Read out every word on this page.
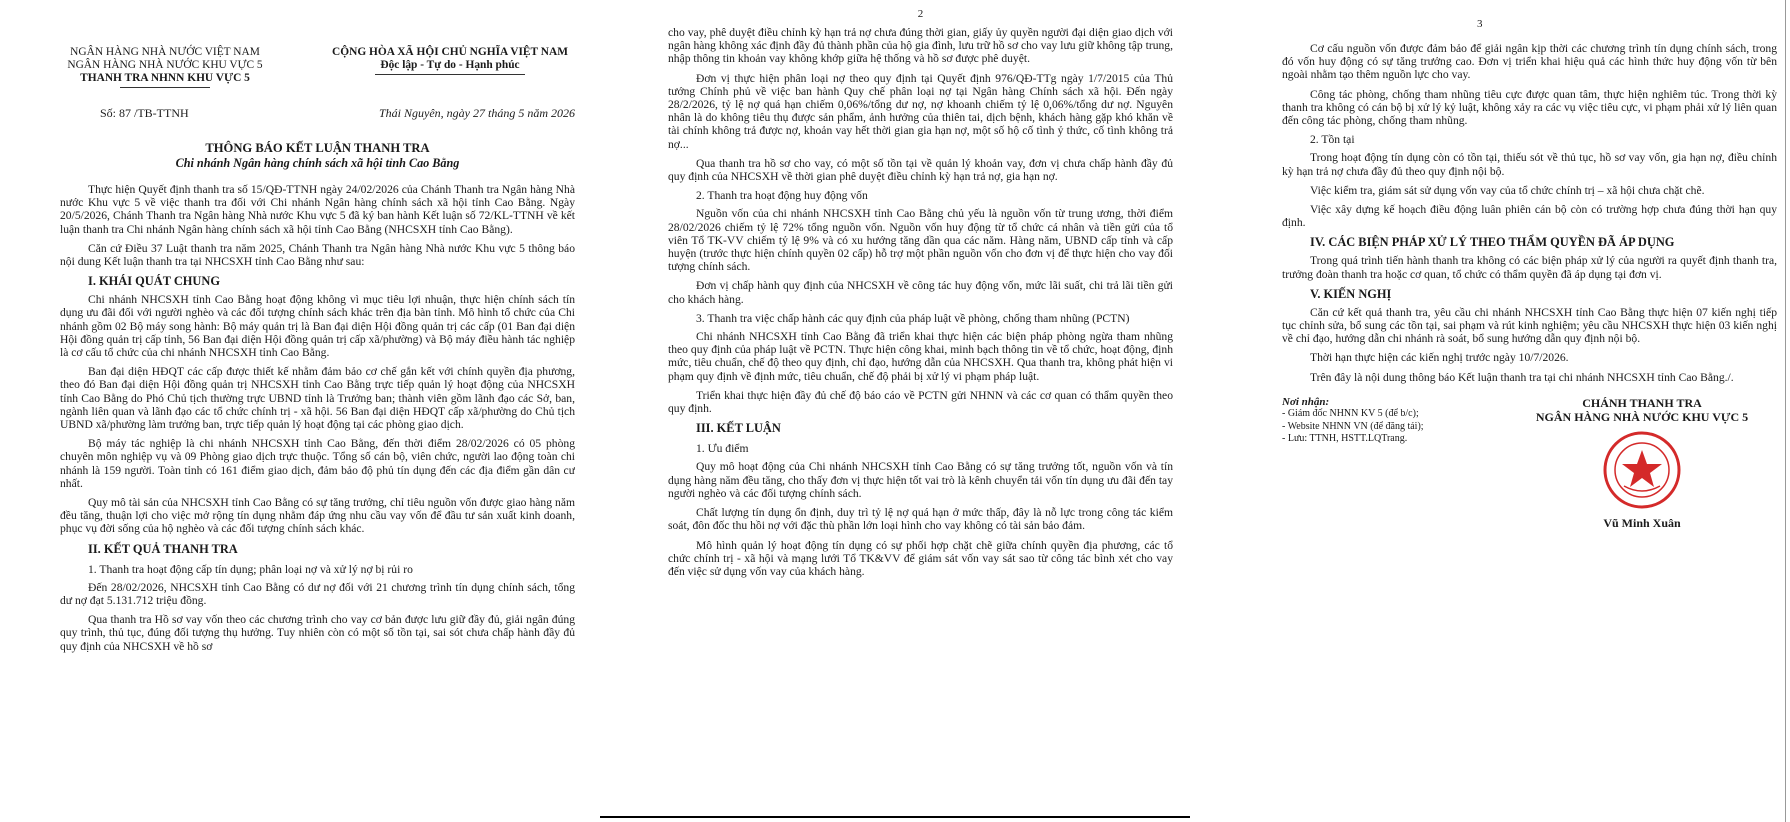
NGÂN HÀNG NHÀ NƯỚC VIỆT NAM
NGÂN HÀNG NHÀ NƯỚC KHU VỰC 5
THANH TRA NHNN KHU VỰC 5
CỘNG HÒA XÃ HỘI CHỦ NGHĨA VIỆT NAM
Độc lập - Tự do - Hạnh phúc
Số: 87 /TB-TTNH	Thái Nguyên, ngày 27 tháng 5 năm 2026
THÔNG BÁO KẾT LUẬN THANH TRA
Chi nhánh Ngân hàng chính sách xã hội tỉnh Cao Bằng

Thực hiện Quyết định thanh tra số 15/QĐ-TTNH ngày 24/02/2026 của Chánh Thanh tra Ngân hàng Nhà nước Khu vực 5 về việc thanh tra đối với Chi nhánh Ngân hàng chính sách xã hội tỉnh Cao Bằng. Ngày 20/5/2026, Chánh Thanh tra Ngân hàng Nhà nước Khu vực 5 đã ký ban hành Kết luận số 72/KL-TTNH về kết luận thanh tra Chi nhánh Ngân hàng chính sách xã hội tỉnh Cao Bằng (NHCSXH tỉnh Cao Bằng).

Căn cứ Điều 37 Luật thanh tra năm 2025, Chánh Thanh tra Ngân hàng Nhà nước Khu vực 5 thông báo nội dung Kết luận thanh tra tại NHCSXH tỉnh Cao Bằng như sau:

I. KHÁI QUÁT CHUNG

Chi nhánh NHCSXH tỉnh Cao Bằng hoạt động không vì mục tiêu lợi nhuận, thực hiện chính sách tín dụng ưu đãi đối với người nghèo và các đối tượng chính sách khác trên địa bàn tỉnh. Mô hình tổ chức của Chi nhánh gồm 02 Bộ máy song hành: Bộ máy quản trị là Ban đại diện Hội đồng quản trị các cấp (01 Ban đại diện Hội đồng quản trị cấp tỉnh, 56 Ban đại diện Hội đồng quản trị cấp xã/phường) và Bộ máy điều hành tác nghiệp là cơ cấu tổ chức của chi nhánh NHCSXH tỉnh Cao Bằng.

Ban đại diện HĐQT các cấp được thiết kế nhằm đảm bảo cơ chế gắn kết với chính quyền địa phương, theo đó Ban đại diện Hội đồng quản trị NHCSXH tỉnh Cao Bằng trực tiếp quản lý hoạt động của NHCSXH tỉnh Cao Bằng do Phó Chủ tịch thường trực UBND tỉnh là Trưởng ban; thành viên gồm lãnh đạo các Sở, ban, ngành liên quan và lãnh đạo các tổ chức chính trị - xã hội. 56 Ban đại diện HĐQT cấp xã/phường do Chủ tịch UBND xã/phường làm trưởng ban, trực tiếp quản lý hoạt động tại các phòng giao dịch.

Bộ máy tác nghiệp là chi nhánh NHCSXH tỉnh Cao Bằng, đến thời điểm 28/02/2026 có 05 phòng chuyên môn nghiệp vụ và 09 Phòng giao dịch trực thuộc. Tổng số cán bộ, viên chức, người lao động toàn chi nhánh là 159 người. Toàn tỉnh có 161 điểm giao dịch, đảm bảo độ phủ tín dụng đến các địa điểm gần dân cư nhất.

Quy mô tài sản của NHCSXH tỉnh Cao Bằng có sự tăng trưởng, chỉ tiêu nguồn vốn được giao hàng năm đều tăng, thuận lợi cho việc mở rộng tín dụng nhằm đáp ứng nhu cầu vay vốn để đầu tư sản xuất kinh doanh, phục vụ đời sống của hộ nghèo và các đối tượng chính sách khác.

II. KẾT QUẢ THANH TRA
1. Thanh tra hoạt động cấp tín dụng; phân loại nợ và xử lý nợ bị rủi ro

Đến 28/02/2026, NHCSXH tỉnh Cao Bằng có dư nợ đối với 21 chương trình tín dụng chính sách, tổng dư nợ đạt 5.131.712 triệu đồng.

Qua thanh tra Hồ sơ vay vốn theo các chương trình cho vay cơ bản được lưu giữ đầy đủ, giải ngân đúng quy trình, thủ tục, đúng đối tượng thụ hưởng. Tuy nhiên còn có một số tồn tại, sai sót chưa chấp hành đầy đủ quy định của NHCSXH về hồ sơ

2

cho vay, phê duyệt điều chỉnh kỳ hạn trả nợ chưa đúng thời gian, giấy ủy quyền người đại diện giao dịch với ngân hàng không xác định đầy đủ thành phần của hộ gia đình, lưu trữ hồ sơ cho vay lưu giữ không tập trung, nhập thông tin khoản vay không khớp giữa hệ thống và hồ sơ được phê duyệt.

Đơn vị thực hiện phân loại nợ theo quy định tại Quyết định 976/QĐ-TTg ngày 1/7/2015 của Thủ tướng Chính phủ về việc ban hành Quy chế phân loại nợ tại Ngân hàng Chính sách xã hội. Đến ngày 28/2/2026, tỷ lệ nợ quá hạn chiếm 0,06%/tổng dư nợ, nợ khoanh chiếm tỷ lệ 0,06%/tổng dư nợ. Nguyên nhân là do không tiêu thụ được sản phẩm, ảnh hưởng của thiên tai, dịch bệnh, khách hàng gặp khó khăn về tài chính không trả được nợ, khoản vay hết thời gian gia hạn nợ, một số hộ cố tình ỷ thức, cố tình không trả nợ...

Qua thanh tra hồ sơ cho vay, có một số tồn tại về quản lý khoản vay, đơn vị chưa chấp hành đầy đủ quy định của NHCSXH về thời gian phê duyệt điều chỉnh kỳ hạn trả nợ, gia hạn nợ.

2. Thanh tra hoạt động huy động vốn

Nguồn vốn của chi nhánh NHCSXH tỉnh Cao Bằng chủ yếu là nguồn vốn từ trung ương, thời điểm 28/02/2026 chiếm tỷ lệ 72% tổng nguồn vốn. Nguồn vốn huy động từ tổ chức cá nhân và tiền gửi của tổ viên Tổ TK-VV chiếm tỷ lệ 9% và có xu hướng tăng dần qua các năm. Hàng năm, UBND cấp tỉnh và cấp huyện (trước thực hiện chính quyền 02 cấp) hỗ trợ một phần nguồn vốn cho đơn vị để thực hiện cho vay đối tượng chính sách.

Đơn vị chấp hành quy định của NHCSXH về công tác huy động vốn, mức lãi suất, chi trả lãi tiền gửi cho khách hàng.

3. Thanh tra việc chấp hành các quy định của pháp luật về phòng, chống tham nhũng (PCTN)

Chi nhánh NHCSXH tỉnh Cao Bằng đã triển khai thực hiện các biện pháp phòng ngừa tham nhũng theo quy định của pháp luật về PCTN. Thực hiện công khai, minh bạch thông tin về tổ chức, hoạt động, định mức, tiêu chuẩn, chế độ theo quy định, chỉ đạo, hướng dẫn của NHCSXH. Qua thanh tra, không phát hiện vi phạm quy định về định mức, tiêu chuẩn, chế độ phải bị xử lý vi phạm pháp luật.

Triển khai thực hiện đầy đủ chế độ báo cáo về PCTN gửi NHNN và các cơ quan có thẩm quyền theo quy định.

III. KẾT LUẬN
1. Ưu điểm

Quy mô hoạt động của Chi nhánh NHCSXH tỉnh Cao Bằng có sự tăng trưởng tốt, nguồn vốn và tín dụng hàng năm đều tăng, cho thấy đơn vị thực hiện tốt vai trò là kênh chuyển tải vốn tín dụng ưu đãi đến tay người nghèo và các đối tượng chính sách.

Chất lượng tín dụng ổn định, duy trì tỷ lệ nợ quá hạn ở mức thấp, đây là nỗ lực trong công tác kiểm soát, đôn đốc thu hồi nợ với đặc thù phần lớn loại hình cho vay không có tài sản bảo đảm.

Mô hình quản lý hoạt động tín dụng có sự phối hợp chặt chẽ giữa chính quyền địa phương, các tổ chức chính trị - xã hội và mạng lưới Tổ TK&VV để giám sát vốn vay sát sao từ công tác bình xét cho vay đến việc sử dụng vốn vay của khách hàng.

3

Cơ cấu nguồn vốn được đảm bảo để giải ngân kịp thời các chương trình tín dụng chính sách, trong đó vốn huy động có sự tăng trưởng cao. Đơn vị triển khai hiệu quả các hình thức huy động vốn từ bên ngoài nhằm tạo thêm nguồn lực cho vay.

Công tác phòng, chống tham nhũng tiêu cực được quan tâm, thực hiện nghiêm túc. Trong thời kỳ thanh tra không có cán bộ bị xử lý kỷ luật, không xảy ra các vụ việc tiêu cực, vi phạm phải xử lý liên quan đến công tác phòng, chống tham nhũng.

2. Tồn tại

Trong hoạt động tín dụng còn có tồn tại, thiếu sót về thủ tục, hồ sơ vay vốn, gia hạn nợ, điều chỉnh kỳ hạn trả nợ chưa đầy đủ theo quy định nội bộ.

Việc kiểm tra, giám sát sử dụng vốn vay của tổ chức chính trị – xã hội chưa chặt chẽ.

Việc xây dựng kế hoạch điều động luân phiên cán bộ còn có trường hợp chưa đúng thời hạn quy định.

IV. CÁC BIỆN PHÁP XỬ LÝ THEO THẨM QUYỀN ĐÃ ÁP DỤNG

Trong quá trình tiến hành thanh tra không có các biện pháp xử lý của người ra quyết định thanh tra, trưởng đoàn thanh tra hoặc cơ quan, tổ chức có thẩm quyền đã áp dụng tại đơn vị.

V. KIẾN NGHỊ

Căn cứ kết quả thanh tra, yêu cầu chi nhánh NHCSXH tỉnh Cao Bằng thực hiện 07 kiến nghị tiếp tục chỉnh sửa, bổ sung các tồn tại, sai phạm và rút kinh nghiệm; yêu cầu NHCSXH thực hiện 03 kiến nghị về chỉ đạo, hướng dẫn chi nhánh rà soát, bổ sung hướng dẫn quy định nội bộ.

Thời hạn thực hiện các kiến nghị trước ngày 10/7/2026.

Trên đây là nội dung thông báo Kết luận thanh tra tại chi nhánh NHCSXH tỉnh Cao Bằng./.

Nơi nhận:
- Giám đốc NHNN KV 5 (để b/c);
- Website NHNN VN (để đăng tải);
- Lưu: TTNH, HSTT.LQTrang.
CHÁNH THANH TRA
NGÂN HÀNG NHÀ NƯỚC KHU VỰC 5
Vũ Minh Xuân
